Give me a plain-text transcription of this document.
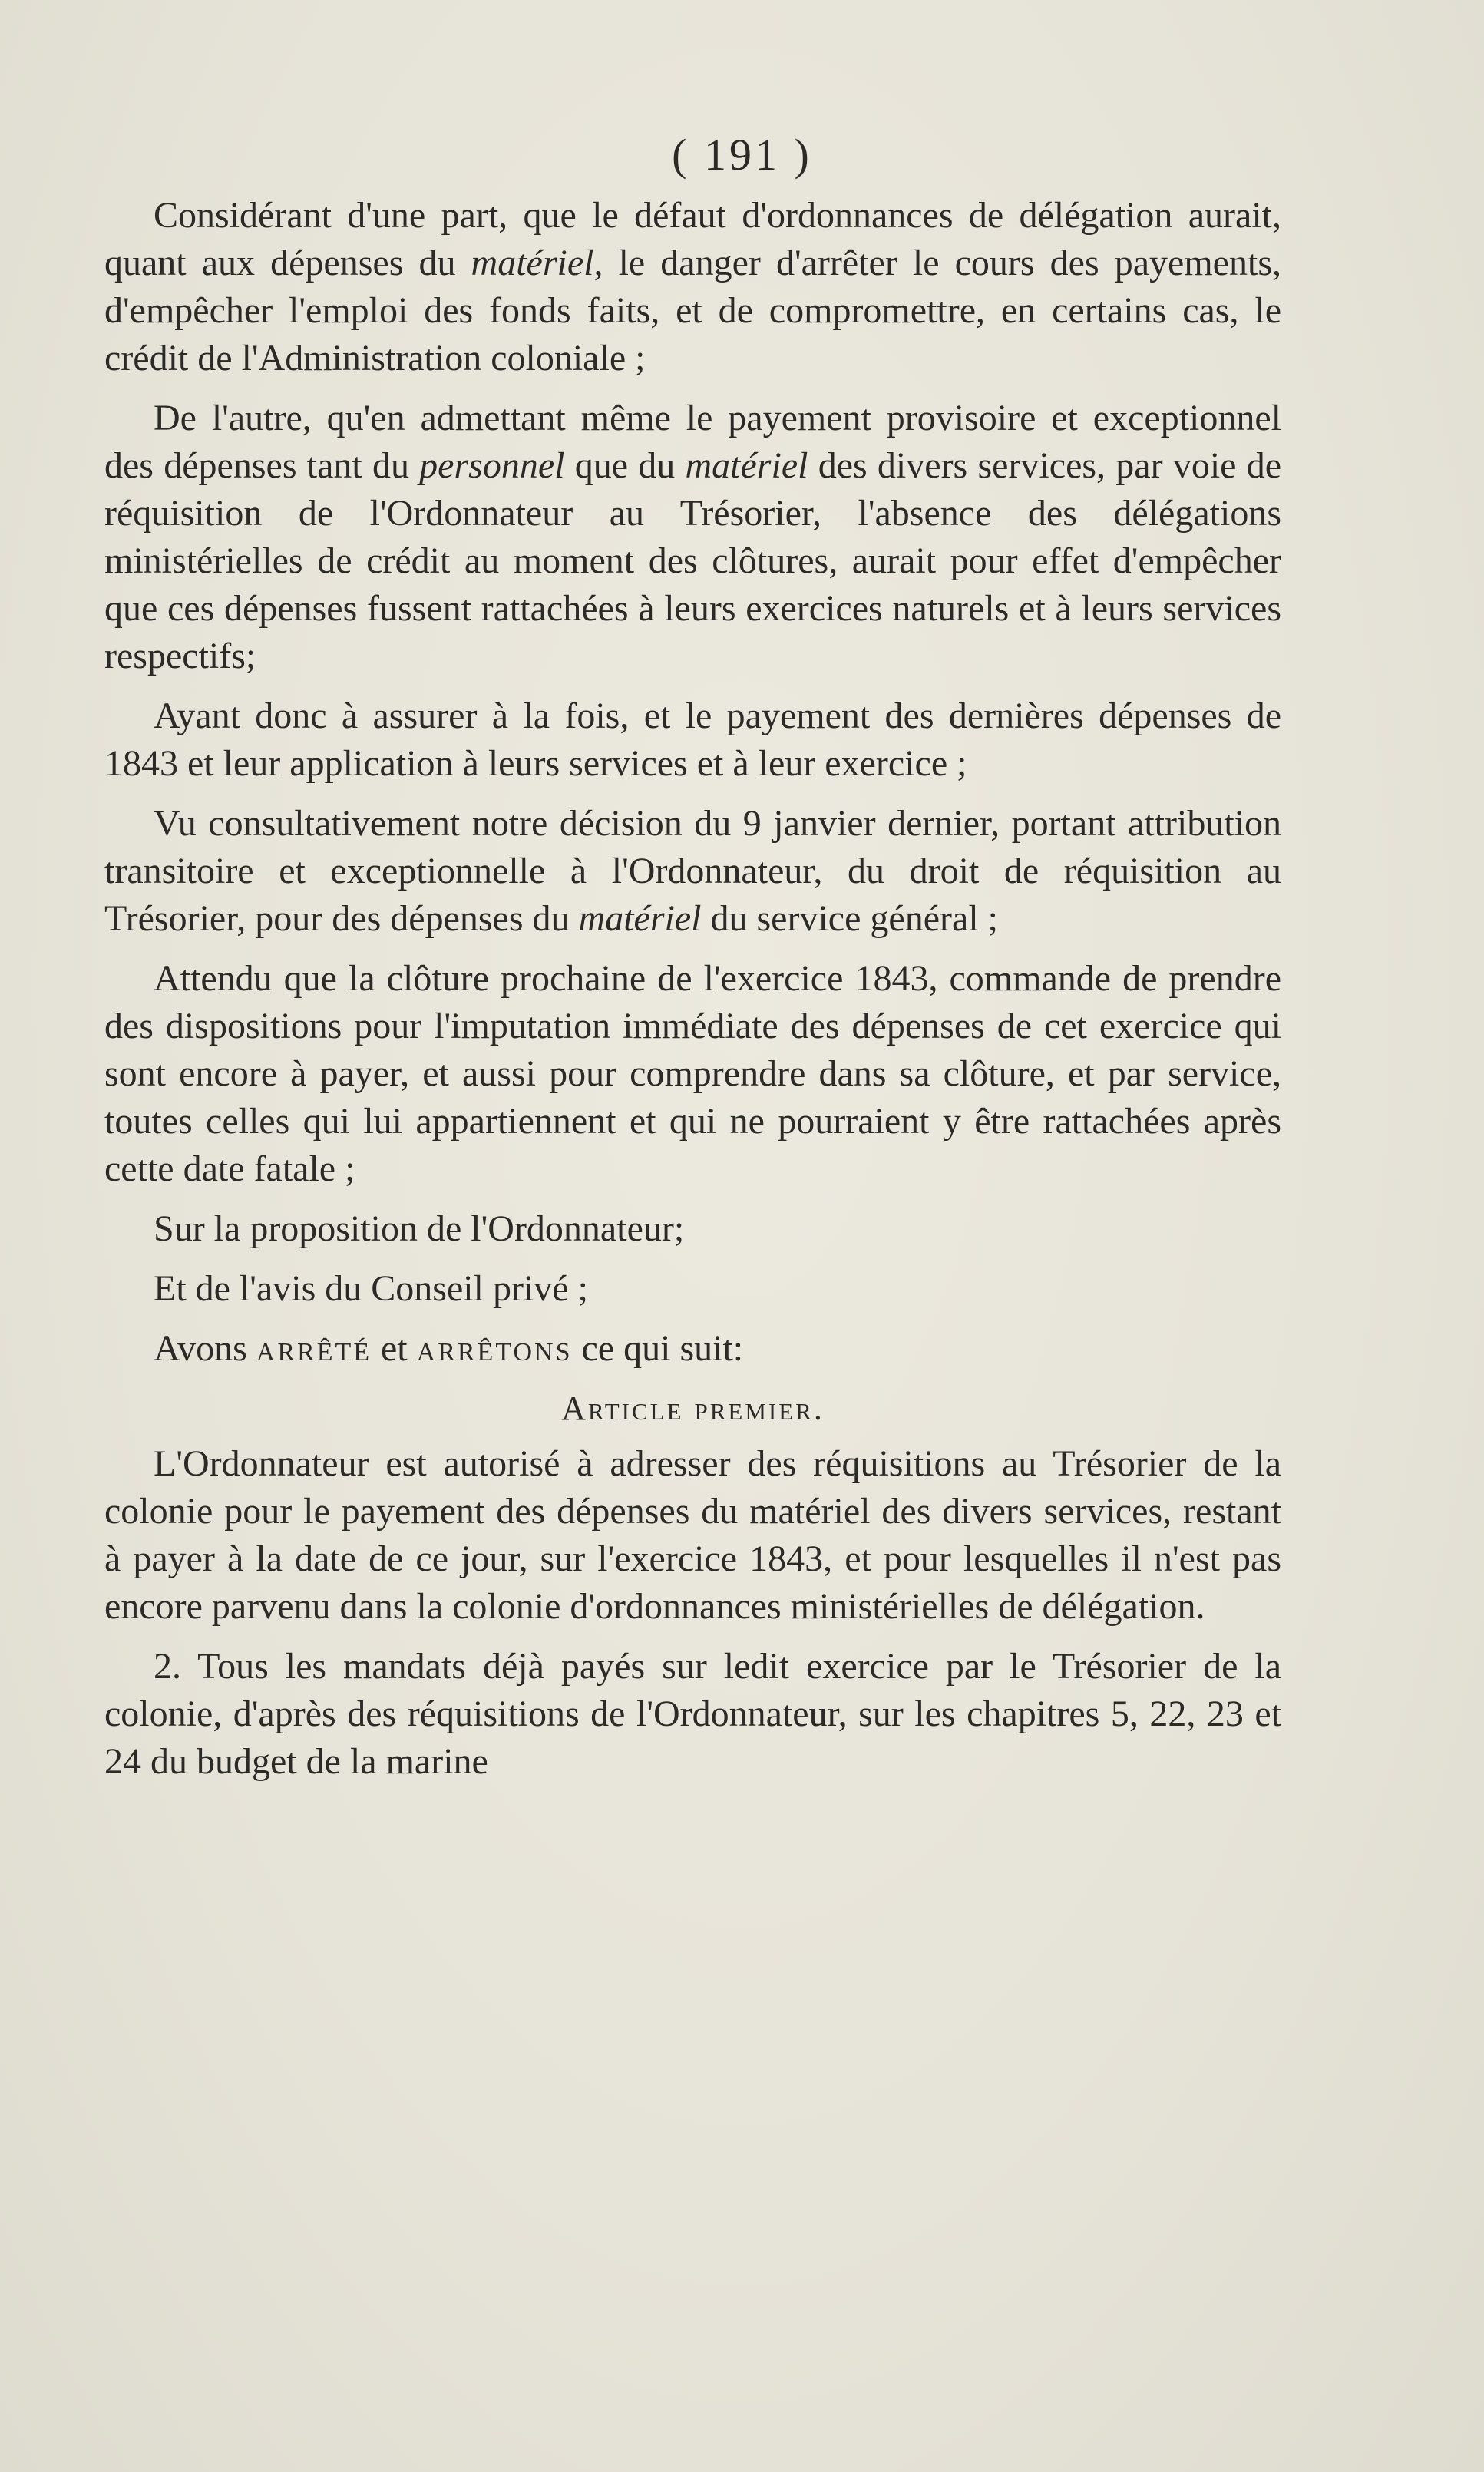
( 191 )

Considérant d'une part, que le défaut d'ordonnances de délégation aurait, quant aux dépenses du matériel, le danger d'arrêter le cours des payements, d'empêcher l'emploi des fonds faits, et de compromettre, en certains cas, le crédit de l'Administration coloniale ;

De l'autre, qu'en admettant même le payement provisoire et exceptionnel des dépenses tant du personnel que du matériel des divers services, par voie de réquisition de l'Ordonnateur au Trésorier, l'absence des délégations ministérielles de crédit au moment des clôtures, aurait pour effet d'empêcher que ces dépenses fussent rattachées à leurs exercices naturels et à leurs services respectifs;

Ayant donc à assurer à la fois, et le payement des dernières dépenses de 1843 et leur application à leurs services et à leur exercice ;

Vu consultativement notre décision du 9 janvier dernier, portant attribution transitoire et exceptionnelle à l'Ordonnateur, du droit de réquisition au Trésorier, pour des dépenses du matériel du service général ;

Attendu que la clôture prochaine de l'exercice 1843, commande de prendre des dispositions pour l'imputation immédiate des dépenses de cet exercice qui sont encore à payer, et aussi pour comprendre dans sa clôture, et par service, toutes celles qui lui appartiennent et qui ne pourraient y être rattachées après cette date fatale ;

Sur la proposition de l'Ordonnateur;

Et de l'avis du Conseil privé ;

Avons arrêté et arrêtons ce qui suit:

Article premier.

L'Ordonnateur est autorisé à adresser des réquisitions au Trésorier de la colonie pour le payement des dépenses du matériel des divers services, restant à payer à la date de ce jour, sur l'exercice 1843, et pour lesquelles il n'est pas encore parvenu dans la colonie d'ordonnances ministérielles de délégation.

2. Tous les mandats déjà payés sur ledit exercice par le Trésorier de la colonie, d'après des réquisitions de l'Ordonnateur, sur les chapitres 5, 22, 23 et 24 du budget de la marine
